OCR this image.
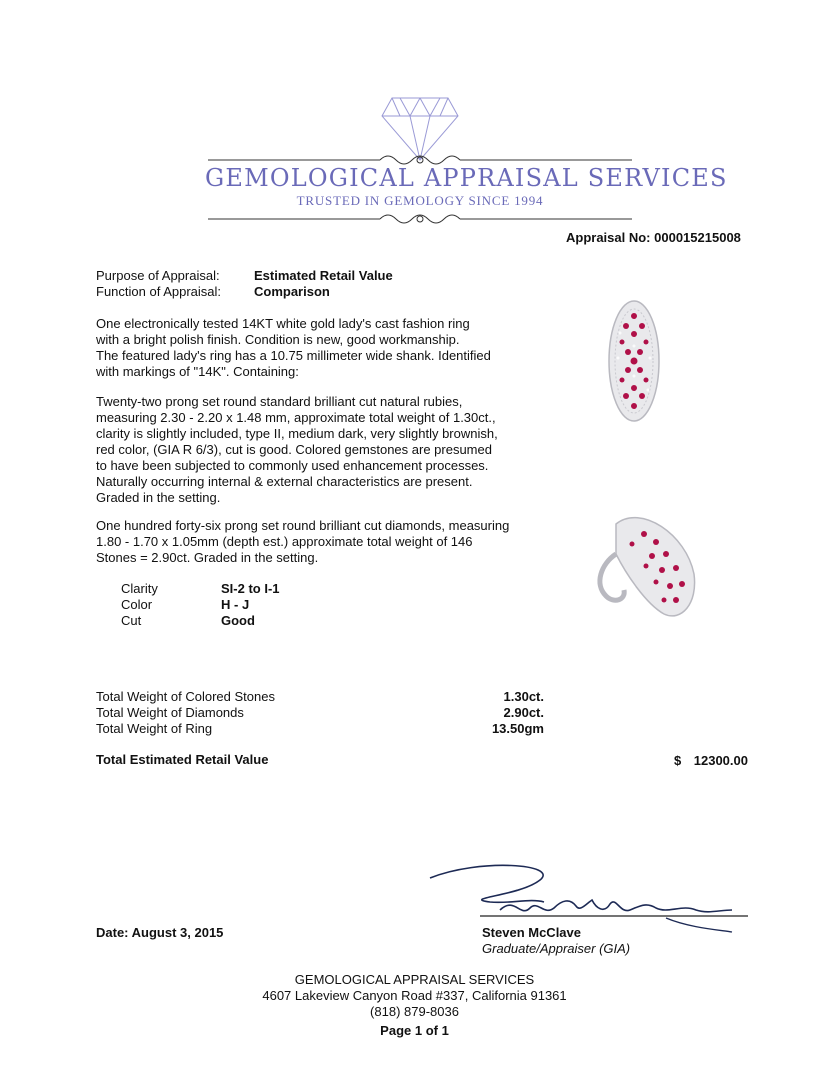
GEMOLOGICAL APPRAISAL SERVICES
TRUSTED IN GEMOLOGY SINCE 1994
Appraisal No: 000015215008
Purpose of Appraisal:	Estimated Retail Value
Function of Appraisal:	Comparison
One electronically tested 14KT white gold lady's cast fashion ring
with a bright polish finish. Condition is new, good workmanship.
The featured lady's ring has a 10.75 millimeter wide shank. Identified
with markings of "14K". Containing:
Twenty-two prong set round standard brilliant cut natural rubies,
measuring 2.30 - 2.20 x 1.48 mm, approximate total weight of 1.30ct.,
clarity is slightly included, type II, medium dark, very slightly brownish,
red color, (GIA R 6/3), cut is good. Colored gemstones are presumed
to have been subjected to commonly used enhancement processes.
Naturally occurring internal & external characteristics are present.
Graded in the setting.
One hundred forty-six prong set round brilliant cut diamonds, measuring
1.80 - 1.70 x 1.05mm (depth est.) approximate total weight of 146
Stones = 2.90ct. Graded in the setting.
Clarity	SI-2 to I-1
Color	H - J
Cut	Good
Total Weight of Colored Stones	1.30ct.
Total Weight of Diamonds	2.90ct.
Total Weight of Ring	13.50gm
Total Estimated Retail Value	$ 12300.00
Date: August 3, 2015	Steven McClave
Graduate/Appraiser (GIA)
GEMOLOGICAL APPRAISAL SERVICES
4607 Lakeview Canyon Road #337, California 91361
(818) 879-8036
Page 1 of 1
